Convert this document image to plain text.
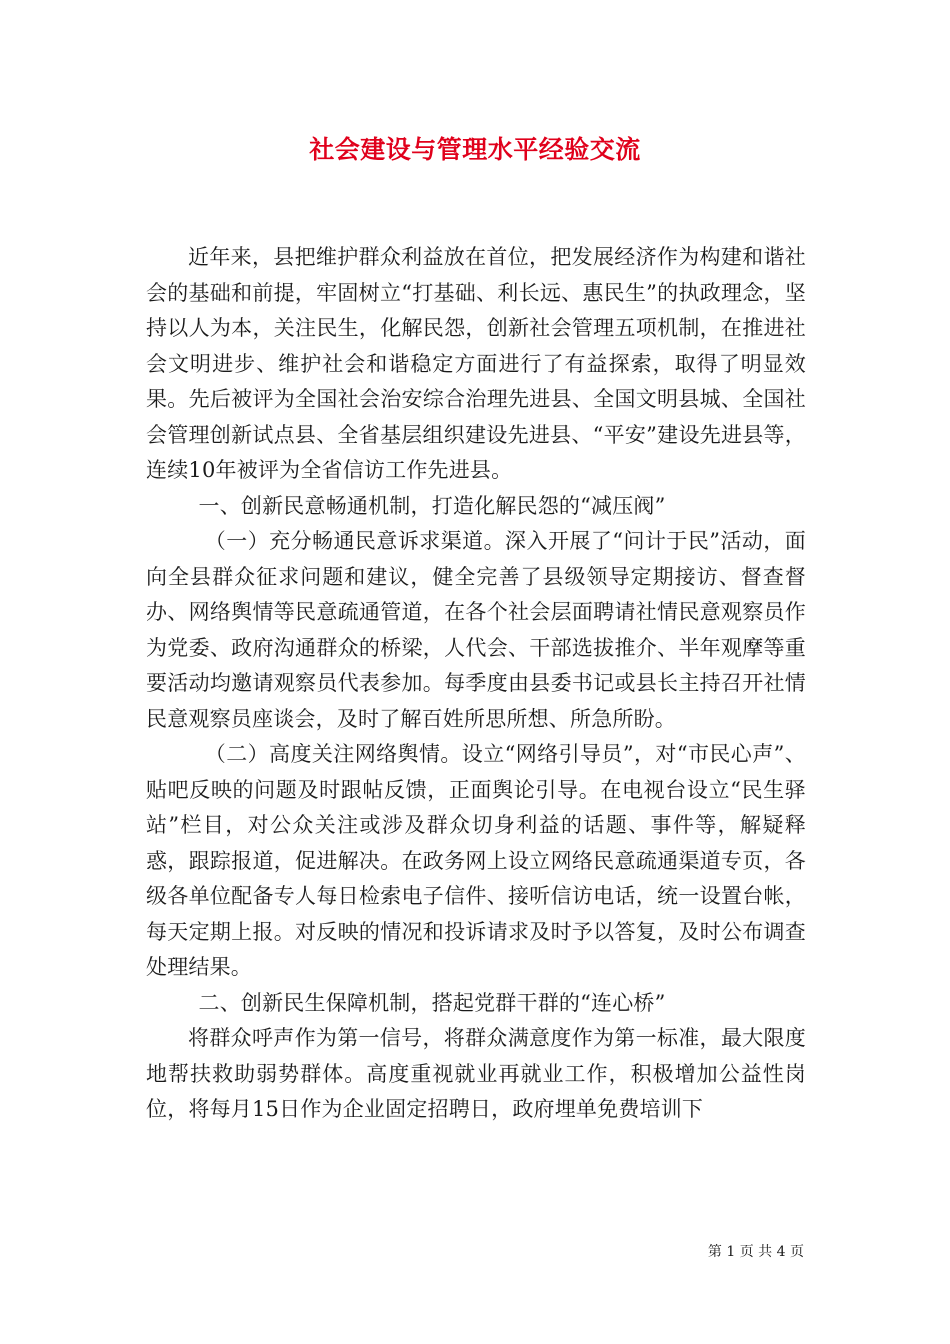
社会建设与管理水平经验交流

近年来，县把维护群众利益放在首位，把发展经济作为构建和谐社会的基础和前提，牢固树立“打基础、利长远、惠民生”的执政理念，坚持以人为本，关注民生，化解民怨，创新社会管理五项机制，在推进社会文明进步、维护社会和谐稳定方面进行了有益探索，取得了明显效果。先后被评为全国社会治安综合治理先进县、全国文明县城、全国社会管理创新试点县、全省基层组织建设先进县、“平安”建设先进县等，连续10年被评为全省信访工作先进县。

一、创新民意畅通机制，打造化解民怨的“减压阀”

（一）充分畅通民意诉求渠道。深入开展了“问计于民”活动，面向全县群众征求问题和建议，健全完善了县级领导定期接访、督查督办、网络舆情等民意疏通管道，在各个社会层面聘请社情民意观察员作为党委、政府沟通群众的桥梁，人代会、干部选拔推介、半年观摩等重要活动均邀请观察员代表参加。每季度由县委书记或县长主持召开社情民意观察员座谈会，及时了解百姓所思所想、所急所盼。

（二）高度关注网络舆情。设立“网络引导员”，对“市民心声”、贴吧反映的问题及时跟帖反馈，正面舆论引导。在电视台设立“民生驿站”栏目，对公众关注或涉及群众切身利益的话题、事件等，解疑释惑，跟踪报道，促进解决。在政务网上设立网络民意疏通渠道专页，各级各单位配备专人每日检索电子信件、接听信访电话，统一设置台帐，每天定期上报。对反映的情况和投诉请求及时予以答复，及时公布调查处理结果。

二、创新民生保障机制，搭起党群干群的“连心桥”

将群众呼声作为第一信号，将群众满意度作为第一标准，最大限度地帮扶救助弱势群体。高度重视就业再就业工作，积极增加公益性岗位，将每月15日作为企业固定招聘日，政府埋单免费培训下

第 1 页 共 4 页
